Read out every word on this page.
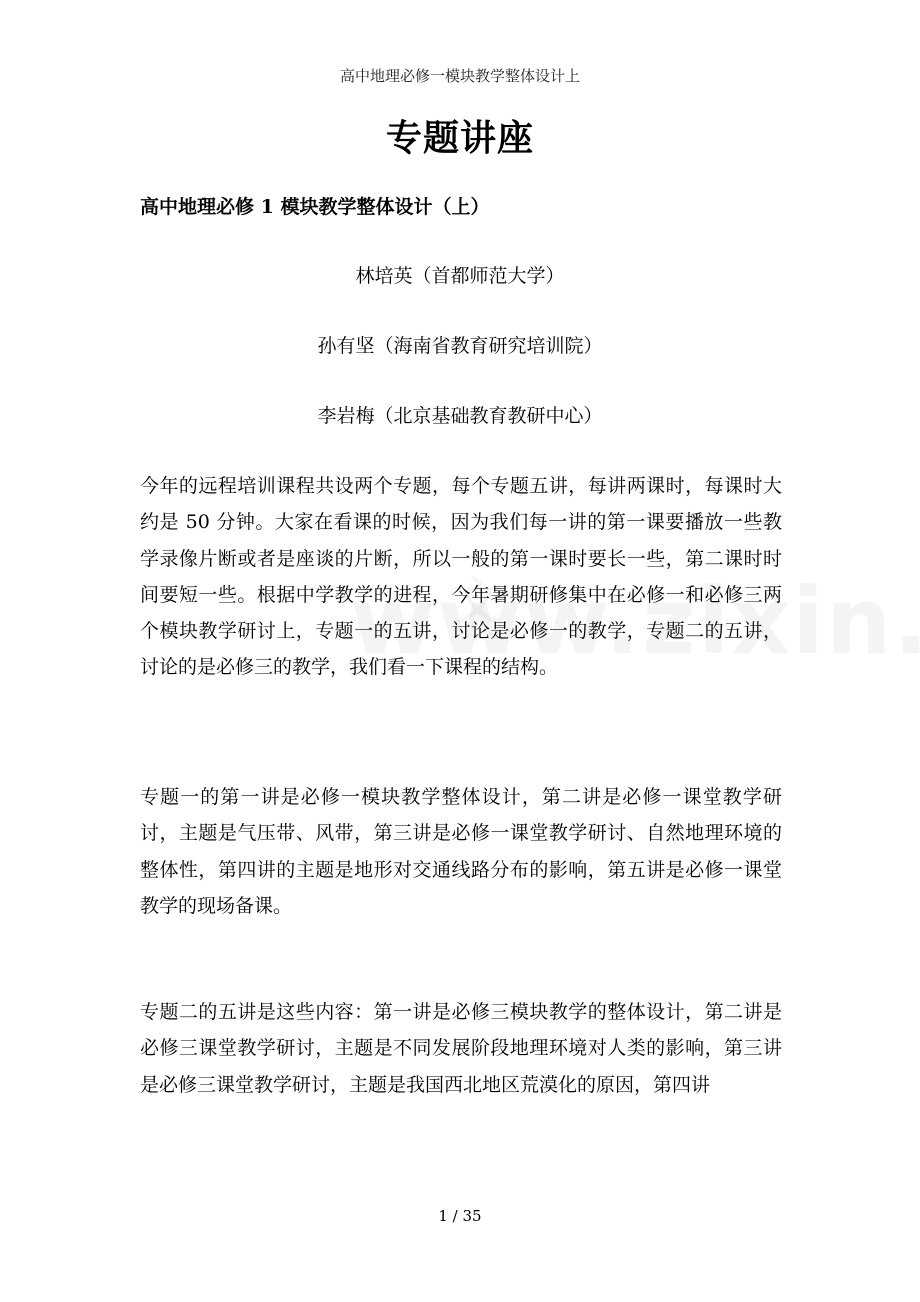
高中地理必修一模块教学整体设计上
专题讲座
高中地理必修 1 模块教学整体设计（上）
林培英（首都师范大学）
孙有坚（海南省教育研究培训院）
李岩梅（北京基础教育教研中心）

今年的远程培训课程共设两个专题，每个专题五讲，每讲两课时，每课时大约是 50 分钟。大家在看课的时候，因为我们每一讲的第一课要播放一些教学录像片断或者是座谈的片断，所以一般的第一课时要长一些，第二课时时间要短一些。根据中学教学的进程，今年暑期研修集中在必修一和必修三两个模块教学研讨上，专题一的五讲，讨论是必修一的教学，专题二的五讲，讨论的是必修三的教学，我们看一下课程的结构。

专题一的第一讲是必修一模块教学整体设计，第二讲是必修一课堂教学研讨，主题是气压带、风带，第三讲是必修一课堂教学研讨、自然地理环境的整体性，第四讲的主题是地形对交通线路分布的影响，第五讲是必修一课堂教学的现场备课。

专题二的五讲是这些内容：第一讲是必修三模块教学的整体设计，第二讲是必修三课堂教学研讨，主题是不同发展阶段地理环境对人类的影响，第三讲是必修三课堂教学研讨，主题是我国西北地区荒漠化的原因，第四讲

1 / 35
